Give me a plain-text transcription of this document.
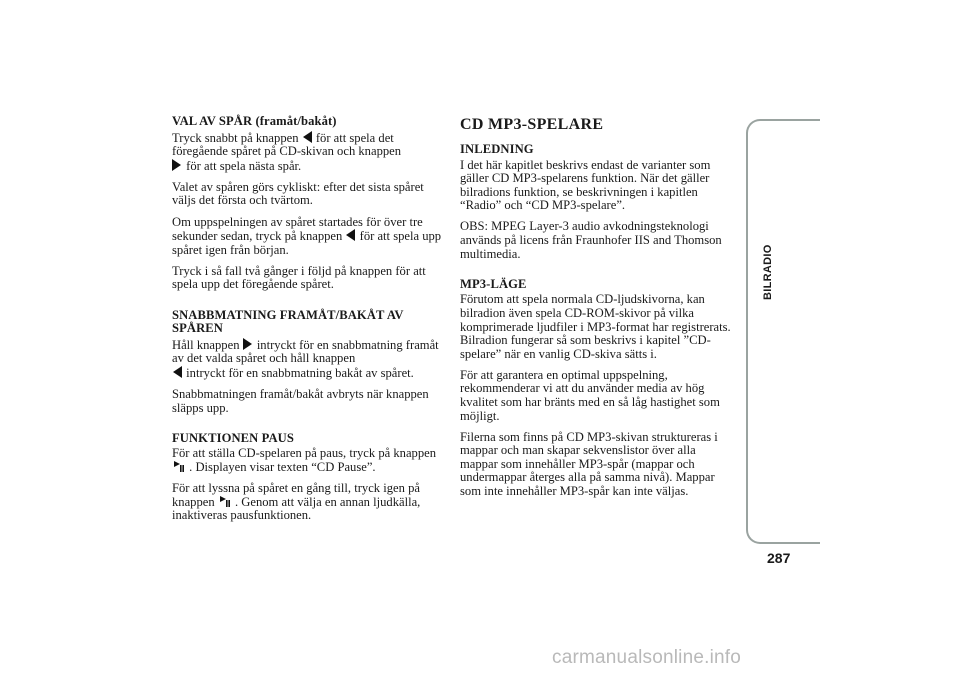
VAL AV SPÅR (framåt/bakåt)

Tryck snabbt på knappen för att spela det föregående spåret på CD-skivan och knappen
för att spela nästa spår.

Valet av spåren görs cykliskt: efter det sista spåret väljs det första och tvärtom.

Om uppspelningen av spåret startades för över tre sekunder sedan, tryck på knappen för att spela upp spåret igen från början.

Tryck i så fall två gånger i följd på knappen för att spela upp det föregående spåret.

SNABBMATNING FRAMÅT/BAKÅT AV SPÅREN

Håll knappen intryckt för en snabbmatning framåt av det valda spåret och håll knappen
intryckt för en snabbmatning bakåt av spåret.

Snabbmatningen framåt/bakåt avbryts när knappen släpps upp.

FUNKTIONEN PAUS

För att ställa CD-spelaren på paus, tryck på knappen
. Displayen visar texten “CD Pause”.

För att lyssna på spåret en gång till, tryck igen på knappen . Genom att välja en annan ljudkälla, inaktiveras pausfunktionen.

CD MP3-SPELARE
INLEDNING

I det här kapitlet beskrivs endast de varianter som gäller CD MP3-spelarens funktion. När det gäller bilradions funktion, se beskrivningen i kapitlen “Radio” och “CD MP3-spelare”.

OBS: MPEG Layer-3 audio avkodningsteknologi används på licens från Fraunhofer IIS and Thomson multimedia.

MP3-LÄGE

Förutom att spela normala CD-ljudskivorna, kan bilradion även spela CD-ROM-skivor på vilka komprimerade ljudfiler i MP3-format har registrerats. Bilradion fungerar så som beskrivs i kapitel ”CD-spelare” när en vanlig CD-skiva sätts i.

För att garantera en optimal uppspelning, rekommenderar vi att du använder media av hög kvalitet som har bränts med en så låg hastighet som möjligt.

Filerna som finns på CD MP3-skivan struktureras i mappar och man skapar sekvenslistor över alla mappar som innehåller MP3-spår (mappar och undermappar återges alla på samma nivå). Mappar som inte innehåller MP3-spår kan inte väljas.

BILRADIO
287
carmanualsonline.info
